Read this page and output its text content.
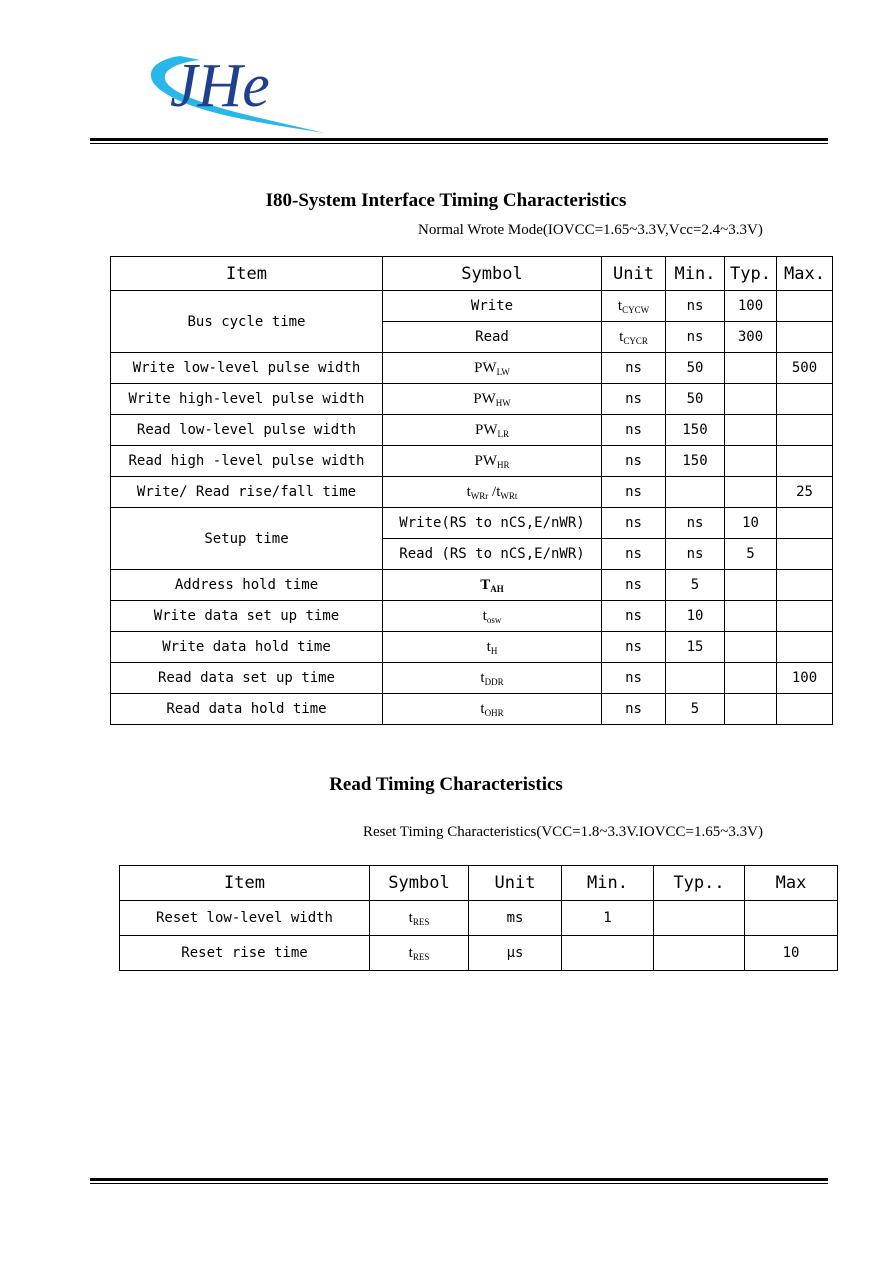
JHe
I80-System Interface Timing Characteristics
Normal Wrote Mode(IOVCC=1.65~3.3V,Vcc=2.4~3.3V)
Item	Symbol	Unit	Min.	Typ.	Max.
Bus cycle time	Write	$t_{CYCW}$	ns	100	
	Read	$t_{CYCR}$	ns	300	
Write low-level pulse width	$PW_{LW}$	ns	50		500
Write high-level pulse width	$PW_{HW}$	ns	50		
Read low-level pulse width	$PW_{LR}$	ns	150		
Read high -level pulse width	$PW_{HR}$	ns	150		
Write/ Read rise/fall time	$t_{WRr}$ $/t_{WRt}$	ns			25
Setup time	Write(RS to nCS,E/nWR)	ns	ns	10	
	Read (RS to nCS,E/nWR)	ns	ns	5	
Address hold time	$T_{AH}$	ns	5		
Write data set up time	$t_{osw}$	ns	10		
Write data hold time	$t_H$	ns	15		
Read data set up time	$t_{DDR}$	ns			100
Read data hold time	$t_{OHR}$	ns	5		
Read Timing Characteristics
Reset Timing Characteristics(VCC=1.8~3.3V.IOVCC=1.65~3.3V)
Item	Symbol	Unit	Min.	Typ..	Max
Reset low-level width	$t_{RES}$	ms	1		
Reset rise time	$t_{RES}$	μs			10
